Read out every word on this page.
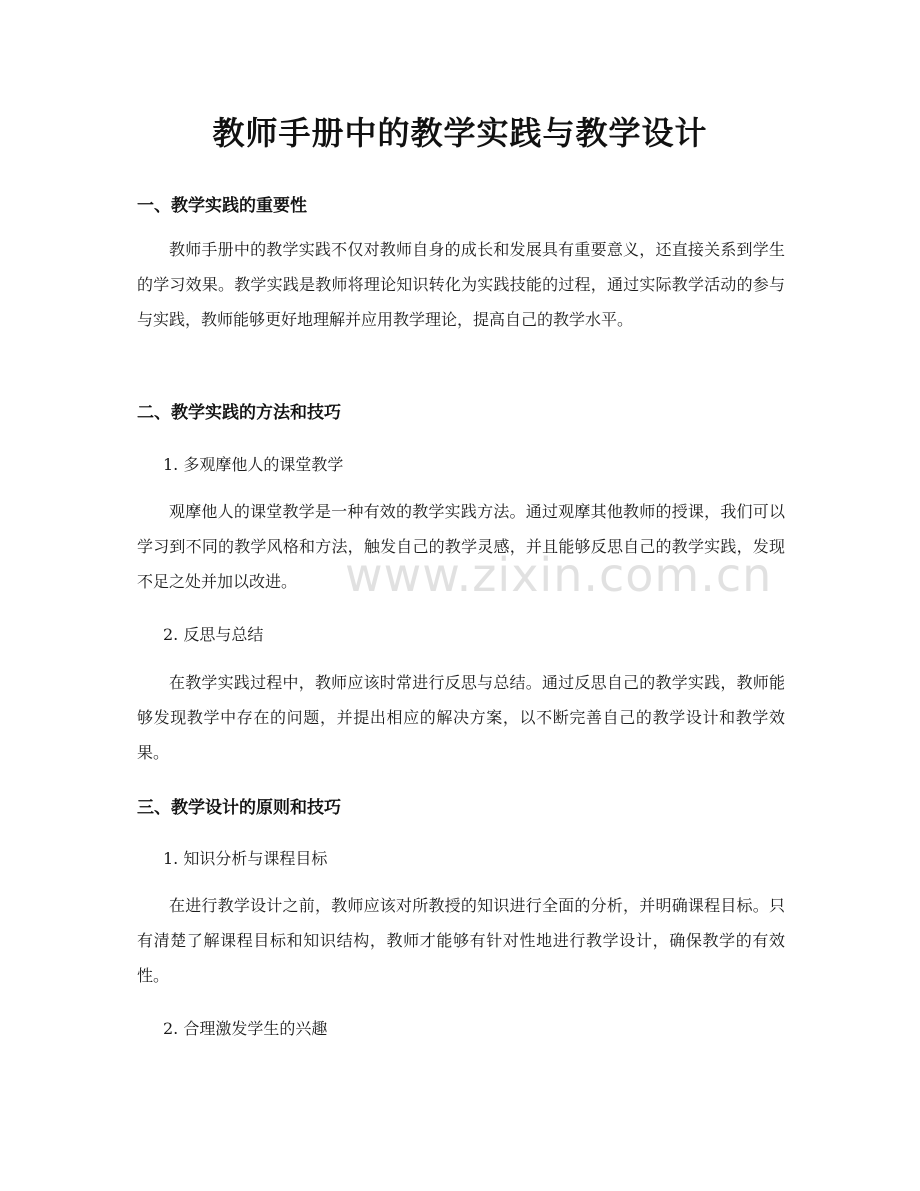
教师手册中的教学实践与教学设计
一、教学实践的重要性

教师手册中的教学实践不仅对教师自身的成长和发展具有重要意义，还直接关系到学生的学习效果。教学实践是教师将理论知识转化为实践技能的过程，通过实际教学活动的参与与实践，教师能够更好地理解并应用教学理论，提高自己的教学水平。

二、教学实践的方法和技巧

1. 多观摩他人的课堂教学

观摩他人的课堂教学是一种有效的教学实践方法。通过观摩其他教师的授课，我们可以学习到不同的教学风格和方法，触发自己的教学灵感，并且能够反思自己的教学实践，发现不足之处并加以改进。

2. 反思与总结

在教学实践过程中，教师应该时常进行反思与总结。通过反思自己的教学实践，教师能够发现教学中存在的问题，并提出相应的解决方案，以不断完善自己的教学设计和教学效果。

三、教学设计的原则和技巧

1. 知识分析与课程目标

在进行教学设计之前，教师应该对所教授的知识进行全面的分析，并明确课程目标。只有清楚了解课程目标和知识结构，教师才能够有针对性地进行教学设计，确保教学的有效性。

2. 合理激发学生的兴趣

www.zixin.com.cn
